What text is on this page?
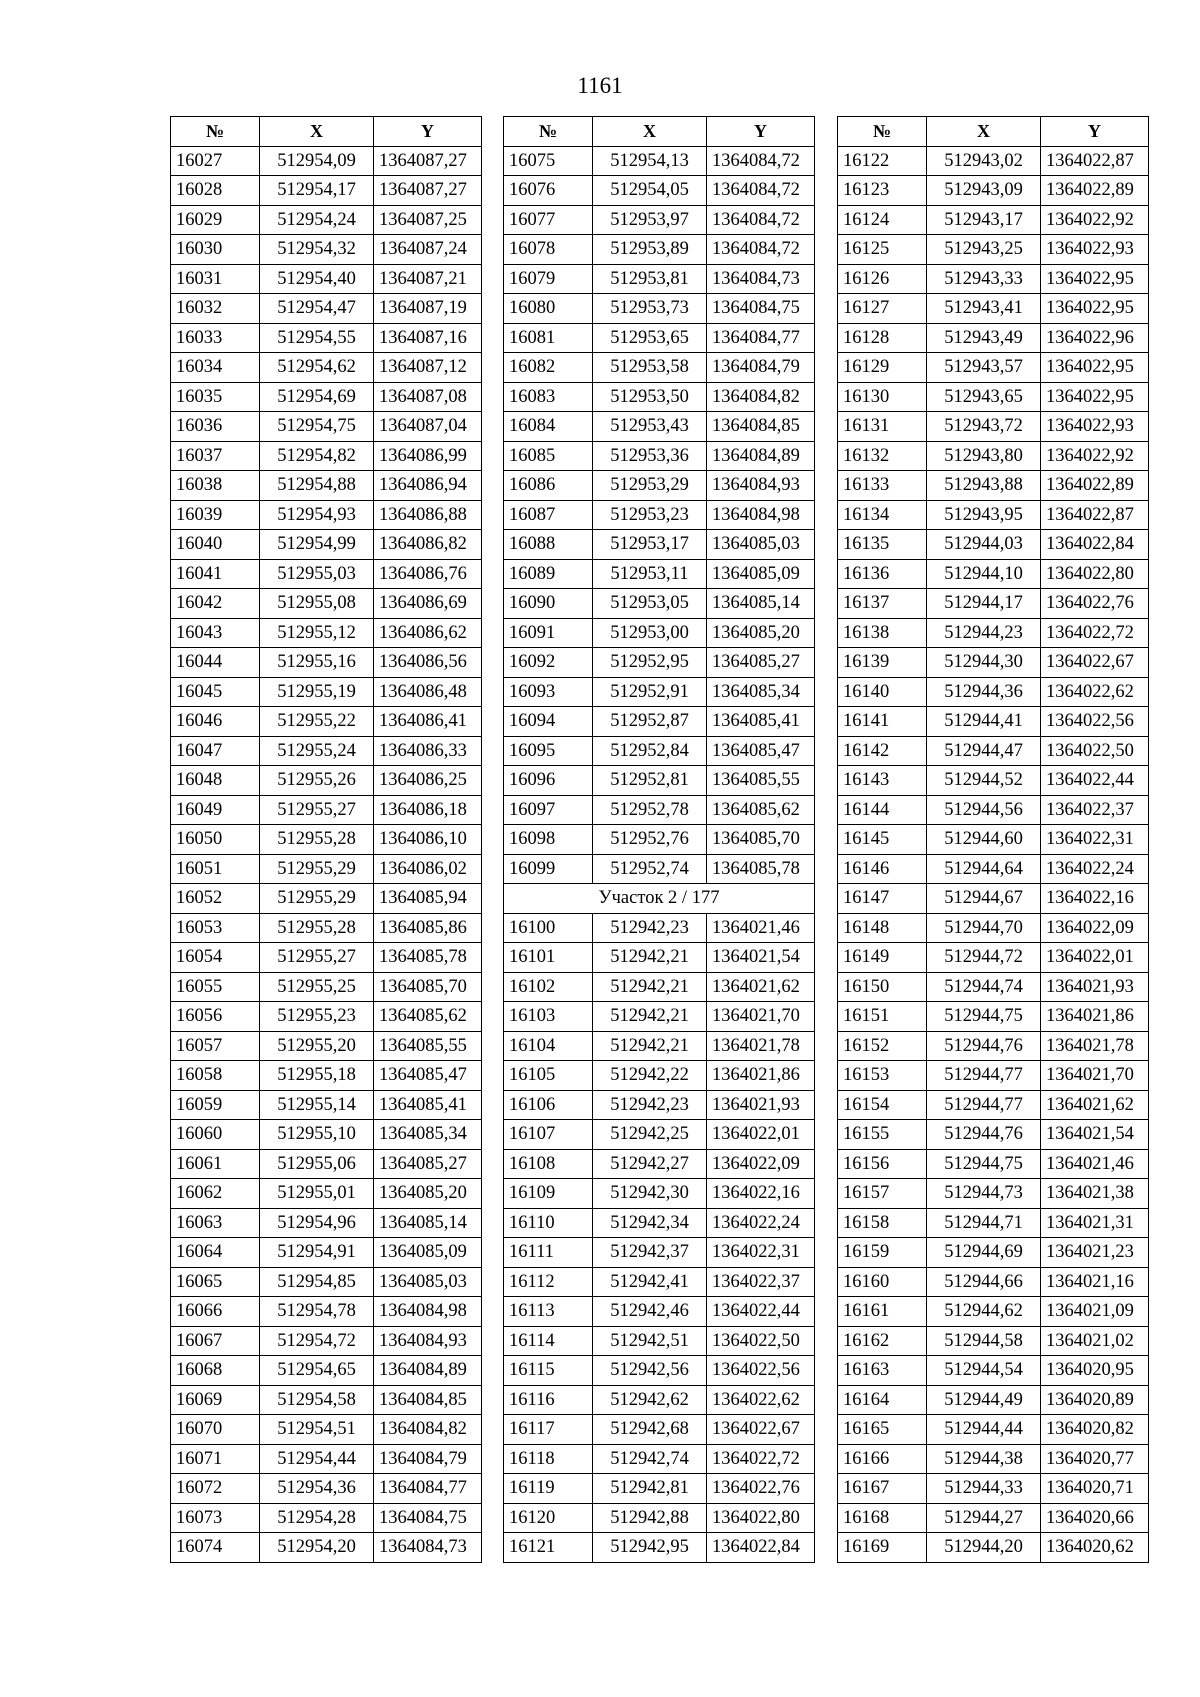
1161
№	X	Y
16027	512954,09	1364087,27
16028	512954,17	1364087,27
16029	512954,24	1364087,25
16030	512954,32	1364087,24
16031	512954,40	1364087,21
16032	512954,47	1364087,19
16033	512954,55	1364087,16
16034	512954,62	1364087,12
16035	512954,69	1364087,08
16036	512954,75	1364087,04
16037	512954,82	1364086,99
16038	512954,88	1364086,94
16039	512954,93	1364086,88
16040	512954,99	1364086,82
16041	512955,03	1364086,76
16042	512955,08	1364086,69
16043	512955,12	1364086,62
16044	512955,16	1364086,56
16045	512955,19	1364086,48
16046	512955,22	1364086,41
16047	512955,24	1364086,33
16048	512955,26	1364086,25
16049	512955,27	1364086,18
16050	512955,28	1364086,10
16051	512955,29	1364086,02
16052	512955,29	1364085,94
16053	512955,28	1364085,86
16054	512955,27	1364085,78
16055	512955,25	1364085,70
16056	512955,23	1364085,62
16057	512955,20	1364085,55
16058	512955,18	1364085,47
16059	512955,14	1364085,41
16060	512955,10	1364085,34
16061	512955,06	1364085,27
16062	512955,01	1364085,20
16063	512954,96	1364085,14
16064	512954,91	1364085,09
16065	512954,85	1364085,03
16066	512954,78	1364084,98
16067	512954,72	1364084,93
16068	512954,65	1364084,89
16069	512954,58	1364084,85
16070	512954,51	1364084,82
16071	512954,44	1364084,79
16072	512954,36	1364084,77
16073	512954,28	1364084,75
16074	512954,20	1364084,73
№	X	Y
16075	512954,13	1364084,72
16076	512954,05	1364084,72
16077	512953,97	1364084,72
16078	512953,89	1364084,72
16079	512953,81	1364084,73
16080	512953,73	1364084,75
16081	512953,65	1364084,77
16082	512953,58	1364084,79
16083	512953,50	1364084,82
16084	512953,43	1364084,85
16085	512953,36	1364084,89
16086	512953,29	1364084,93
16087	512953,23	1364084,98
16088	512953,17	1364085,03
16089	512953,11	1364085,09
16090	512953,05	1364085,14
16091	512953,00	1364085,20
16092	512952,95	1364085,27
16093	512952,91	1364085,34
16094	512952,87	1364085,41
16095	512952,84	1364085,47
16096	512952,81	1364085,55
16097	512952,78	1364085,62
16098	512952,76	1364085,70
16099	512952,74	1364085,78
Участок 2 / 177		
16100	512942,23	1364021,46
16101	512942,21	1364021,54
16102	512942,21	1364021,62
16103	512942,21	1364021,70
16104	512942,21	1364021,78
16105	512942,22	1364021,86
16106	512942,23	1364021,93
16107	512942,25	1364022,01
16108	512942,27	1364022,09
16109	512942,30	1364022,16
16110	512942,34	1364022,24
16111	512942,37	1364022,31
16112	512942,41	1364022,37
16113	512942,46	1364022,44
16114	512942,51	1364022,50
16115	512942,56	1364022,56
16116	512942,62	1364022,62
16117	512942,68	1364022,67
16118	512942,74	1364022,72
16119	512942,81	1364022,76
16120	512942,88	1364022,80
16121	512942,95	1364022,84
№	X	Y
16122	512943,02	1364022,87
16123	512943,09	1364022,89
16124	512943,17	1364022,92
16125	512943,25	1364022,93
16126	512943,33	1364022,95
16127	512943,41	1364022,95
16128	512943,49	1364022,96
16129	512943,57	1364022,95
16130	512943,65	1364022,95
16131	512943,72	1364022,93
16132	512943,80	1364022,92
16133	512943,88	1364022,89
16134	512943,95	1364022,87
16135	512944,03	1364022,84
16136	512944,10	1364022,80
16137	512944,17	1364022,76
16138	512944,23	1364022,72
16139	512944,30	1364022,67
16140	512944,36	1364022,62
16141	512944,41	1364022,56
16142	512944,47	1364022,50
16143	512944,52	1364022,44
16144	512944,56	1364022,37
16145	512944,60	1364022,31
16146	512944,64	1364022,24
16147	512944,67	1364022,16
16148	512944,70	1364022,09
16149	512944,72	1364022,01
16150	512944,74	1364021,93
16151	512944,75	1364021,86
16152	512944,76	1364021,78
16153	512944,77	1364021,70
16154	512944,77	1364021,62
16155	512944,76	1364021,54
16156	512944,75	1364021,46
16157	512944,73	1364021,38
16158	512944,71	1364021,31
16159	512944,69	1364021,23
16160	512944,66	1364021,16
16161	512944,62	1364021,09
16162	512944,58	1364021,02
16163	512944,54	1364020,95
16164	512944,49	1364020,89
16165	512944,44	1364020,82
16166	512944,38	1364020,77
16167	512944,33	1364020,71
16168	512944,27	1364020,66
16169	512944,20	1364020,62
